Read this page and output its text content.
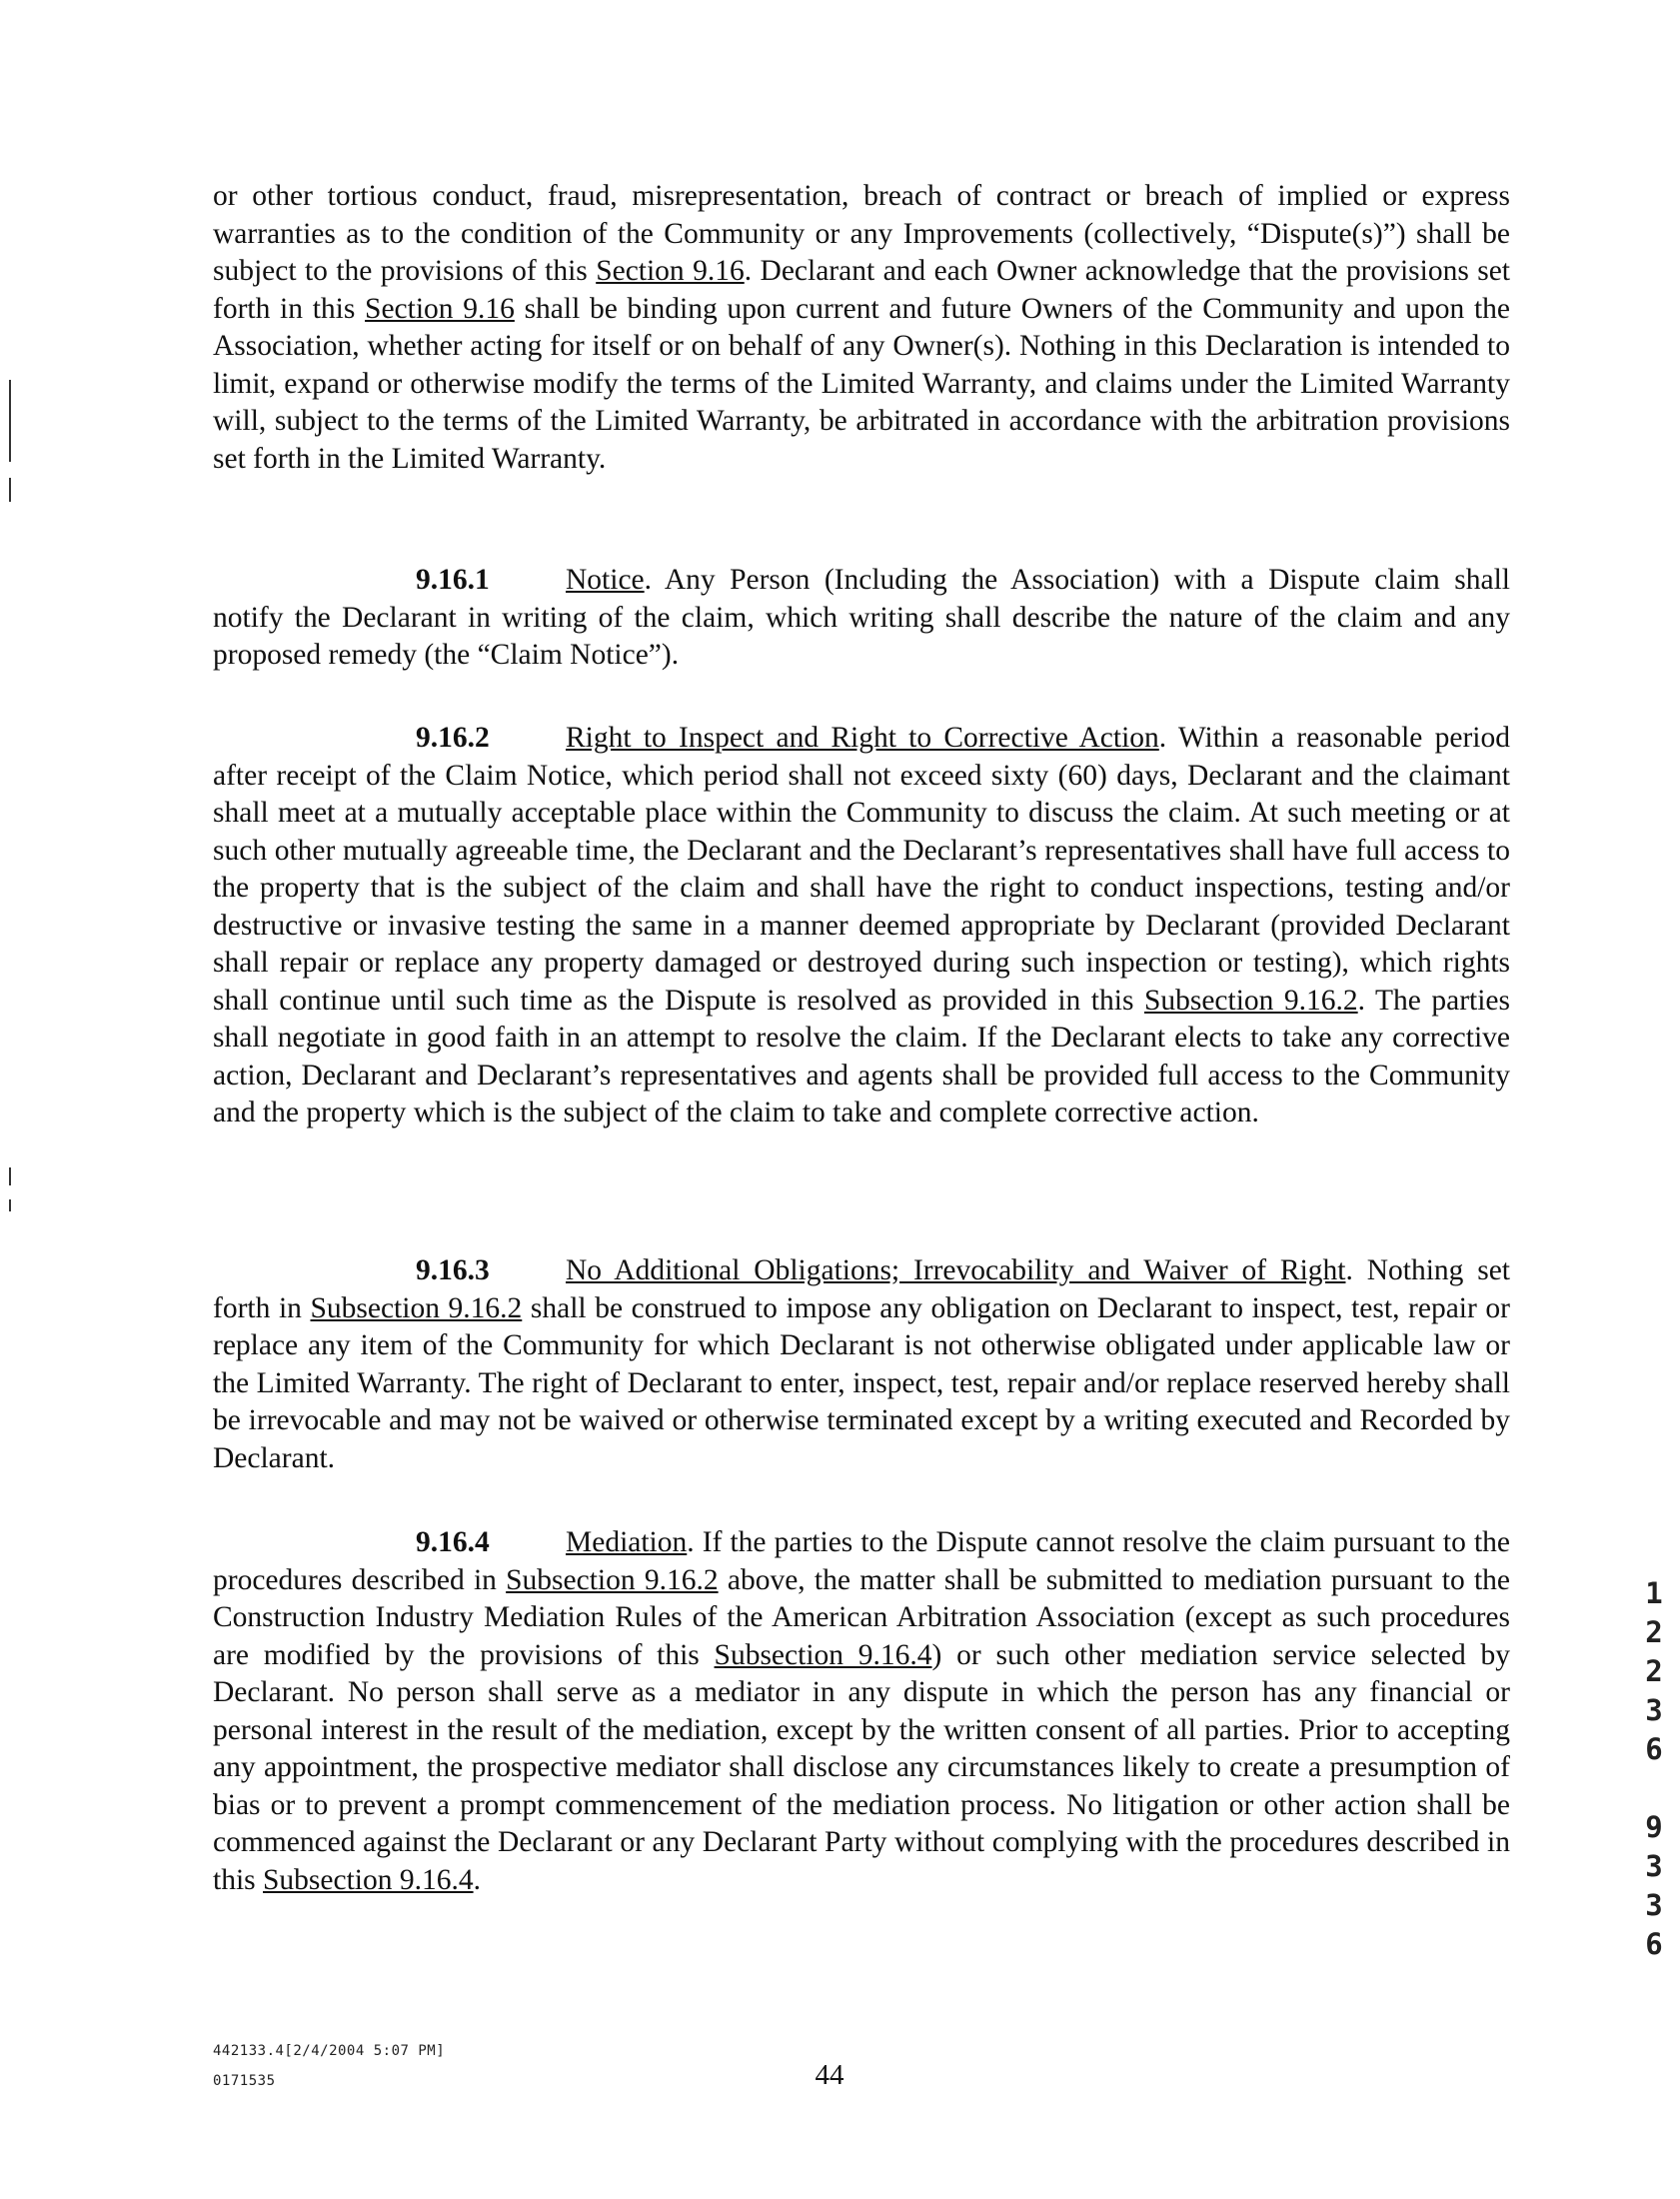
or other tortious conduct, fraud, misrepresentation, breach of contract or breach of implied or express warranties as to the condition of the Community or any Improvements (collectively, “Dispute(s)”) shall be subject to the provisions of this Section 9.16. Declarant and each Owner acknowledge that the provisions set forth in this Section 9.16 shall be binding upon current and future Owners of the Community and upon the Association, whether acting for itself or on behalf of any Owner(s). Nothing in this Declaration is intended to limit, expand or otherwise modify the terms of the Limited Warranty, and claims under the Limited Warranty will, subject to the terms of the Limited Warranty, be arbitrated in accordance with the arbitration provisions set forth in the Limited Warranty.

9.16.1	Notice. Any Person (Including the Association) with a Dispute claim shall notify the Declarant in writing of the claim, which writing shall describe the nature of the claim and any proposed remedy (the “Claim Notice”).

9.16.2	Right to Inspect and Right to Corrective Action. Within a reasonable period after receipt of the Claim Notice, which period shall not exceed sixty (60) days, Declarant and the claimant shall meet at a mutually acceptable place within the Community to discuss the claim. At such meeting or at such other mutually agreeable time, the Declarant and the Declarant’s representatives shall have full access to the property that is the subject of the claim and shall have the right to conduct inspections, testing and/or destructive or invasive testing the same in a manner deemed appropriate by Declarant (provided Declarant shall repair or replace any property damaged or destroyed during such inspection or testing), which rights shall continue until such time as the Dispute is resolved as provided in this Subsection 9.16.2. The parties shall negotiate in good faith in an attempt to resolve the claim. If the Declarant elects to take any corrective action, Declarant and Declarant’s representatives and agents shall be provided full access to the Community and the property which is the subject of the claim to take and complete corrective action.

9.16.3	No Additional Obligations; Irrevocability and Waiver of Right. Nothing set forth in Subsection 9.16.2 shall be construed to impose any obligation on Declarant to inspect, test, repair or replace any item of the Community for which Declarant is not otherwise obligated under applicable law or the Limited Warranty. The right of Declarant to enter, inspect, test, repair and/or replace reserved hereby shall be irrevocable and may not be waived or otherwise terminated except by a writing executed and Recorded by Declarant.

9.16.4	Mediation. If the parties to the Dispute cannot resolve the claim pursuant to the procedures described in Subsection 9.16.2 above, the matter shall be submitted to mediation pursuant to the Construction Industry Mediation Rules of the American Arbitration Association (except as such procedures are modified by the provisions of this Subsection 9.16.4) or such other mediation service selected by Declarant. No person shall serve as a mediator in any dispute in which the person has any financial or personal interest in the result of the mediation, except by the written consent of all parties. Prior to accepting any appointment, the prospective mediator shall disclose any circumstances likely to create a presumption of bias or to prevent a prompt commencement of the mediation process. No litigation or other action shall be commenced against the Declarant or any Declarant Party without complying with the procedures described in this Subsection 9.16.4.

1
2
2
3
6
9
3
3
6
442133.4[2/4/2004 5:07 PM]
0171535	44
